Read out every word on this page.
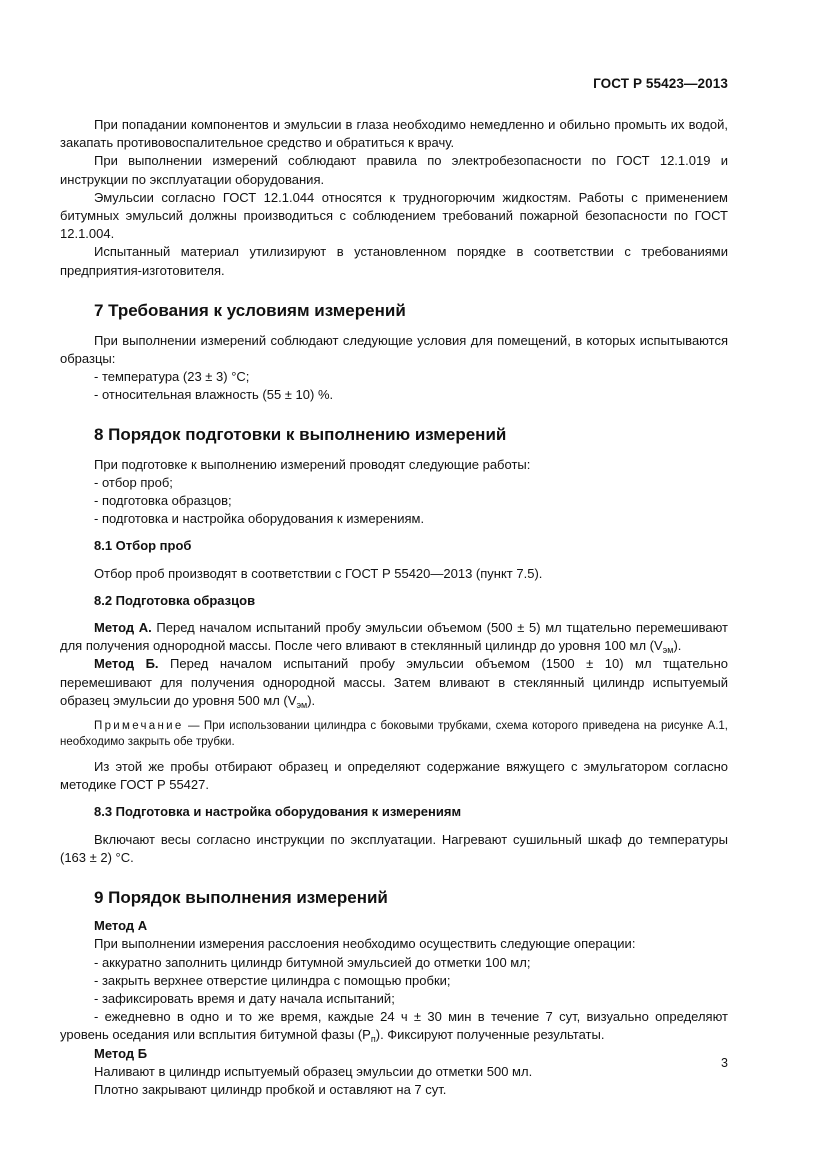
ГОСТ Р 55423—2013

При попадании компонентов и эмульсии в глаза необходимо немедленно и обильно промыть их водой, закапать противовоспалительное средство и обратиться к врачу.

При выполнении измерений соблюдают правила по электробезопасности по ГОСТ 12.1.019 и инструкции по эксплуатации оборудования.

Эмульсии согласно ГОСТ 12.1.044 относятся к трудногорючим жидкостям. Работы с применением битумных эмульсий должны производиться с соблюдением требований пожарной безопасности по ГОСТ 12.1.004.

Испытанный материал утилизируют в установленном порядке в соответствии с требованиями предприятия-изготовителя.

7 Требования к условиям измерений

При выполнении измерений соблюдают следующие условия для помещений, в которых испытываются образцы:

- температура (23 ± 3) °С;

- относительная влажность (55 ± 10) %.

8 Порядок подготовки к выполнению измерений

При подготовке к выполнению измерений проводят следующие работы:

- отбор проб;

- подготовка образцов;

- подготовка и настройка оборудования к измерениям.

8.1 Отбор проб

Отбор проб производят в соответствии с ГОСТ Р 55420—2013 (пункт 7.5).

8.2 Подготовка образцов

Метод А. Перед началом испытаний пробу эмульсии объемом (500 ± 5) мл тщательно перемешивают для получения однородной массы. После чего вливают в стеклянный цилиндр до уровня 100 мл $(V_{эм})$.

Метод Б. Перед началом испытаний пробу эмульсии объемом (1500 ± 10) мл тщательно перемешивают для получения однородной массы. Затем вливают в стеклянный цилиндр испытуемый образец эмульсии до уровня 500 мл $(V_{эм})$.

Примечание — При использовании цилиндра с боковыми трубками, схема которого приведена на рисунке А.1, необходимо закрыть обе трубки.

Из этой же пробы отбирают образец и определяют содержание вяжущего с эмульгатором согласно методике ГОСТ Р 55427.

8.3 Подготовка и настройка оборудования к измерениям

Включают весы согласно инструкции по эксплуатации. Нагревают сушильный шкаф до температуры (163 ± 2) °С.

9 Порядок выполнения измерений
Метод А

При выполнении измерения расслоения необходимо осуществить следующие операции:

- аккуратно заполнить цилиндр битумной эмульсией до отметки 100 мл;

- закрыть верхнее отверстие цилиндра с помощью пробки;

- зафиксировать время и дату начала испытаний;

- ежедневно в одно и то же время, каждые 24 ч ± 30 мин в течение 7 сут, визуально определяют уровень оседания или всплытия битумной фазы $(P_п)$. Фиксируют полученные результаты.

Метод Б

Наливают в цилиндр испытуемый образец эмульсии до отметки 500 мл.

Плотно закрывают цилиндр пробкой и оставляют на 7 сут.

3
